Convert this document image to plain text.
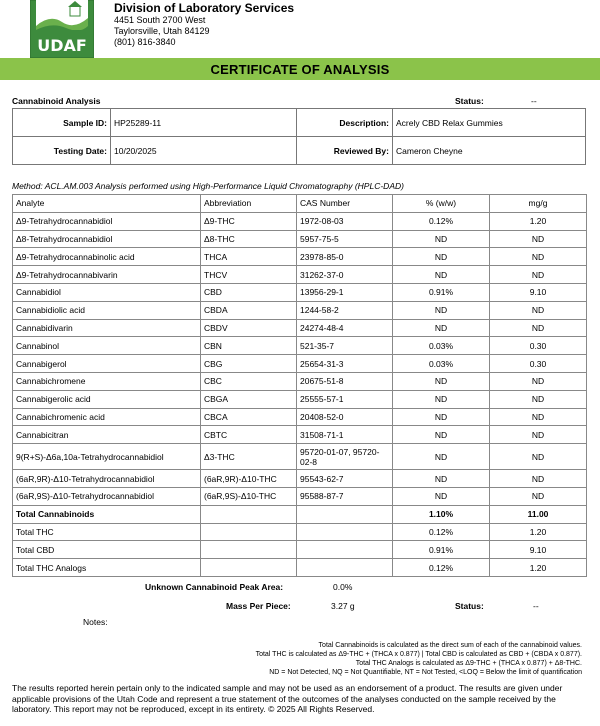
UDAF
Division of Laboratory Services
4451 South 2700 West
Taylorsville, Utah 84129
(801) 816-3840
CERTIFICATE OF ANALYSIS
Cannabinoid Analysis	Status:	--
Sample ID:	HP25289-11	Description:	Acrely CBD Relax Gummies
Testing Date:	10/20/2025	Reviewed By:	Cameron Cheyne
Method: ACL.AM.003 Analysis performed using High-Performance Liquid Chromatography (HPLC-DAD)
Analyte	Abbreviation	CAS Number	% (w/w)	mg/g
Δ9-Tetrahydrocannabidiol	Δ9-THC	1972-08-03	0.12%	1.20
Δ8-Tetrahydrocannabidiol	Δ8-THC	5957-75-5	ND	ND
Δ9-Tetrahydrocannabinolic acid	THCA	23978-85-0	ND	ND
Δ9-Tetrahydrocannabivarin	THCV	31262-37-0	ND	ND
Cannabidiol	CBD	13956-29-1	0.91%	9.10
Cannabidiolic acid	CBDA	1244-58-2	ND	ND
Cannabidivarin	CBDV	24274-48-4	ND	ND
Cannabinol	CBN	521-35-7	0.03%	0.30
Cannabigerol	CBG	25654-31-3	0.03%	0.30
Cannabichromene	CBC	20675-51-8	ND	ND
Cannabigerolic acid	CBGA	25555-57-1	ND	ND
Cannabichromenic acid	CBCA	20408-52-0	ND	ND
Cannabicitran	CBTC	31508-71-1	ND	ND
9(R+S)-Δ6a,10a-Tetrahydrocannabidiol	Δ3-THC	95720-01-07, 95720-02-8	ND	ND
(6aR,9R)-Δ10-Tetrahydrocannabidiol	(6aR,9R)-Δ10-THC	95543-62-7	ND	ND
(6aR,9S)-Δ10-Tetrahydrocannabidiol	(6aR,9S)-Δ10-THC	95588-87-7	ND	ND
Total Cannabinoids			1.10%	11.00
Total THC			0.12%	1.20
Total CBD			0.91%	9.10
Total THC Analogs			0.12%	1.20
Unknown Cannabinoid Peak Area:	0.0%
Mass Per Piece:	3.27 g	Status:	--
Notes:
Total Cannabinoids is calculated as the direct sum of each of the cannabinoid values.
Total THC is calculated as Δ9-THC + (THCA x 0.877) | Total CBD is calculated as CBD + (CBDA x 0.877).
Total THC Analogs is calculated as Δ9-THC + (THCA x 0.877) + Δ8-THC.
ND = Not Detected, NQ = Not Quantifiable, NT = Not Tested, <LOQ = Below the limit of quantification
The results reported herein pertain only to the indicated sample and may not be used as an endorsement of a product. The results are given under applicable provisions of the Utah Code and represent a true statement of the outcomes of the analyses conducted on the sample received by the laboratory. This report may not be reproduced, except in its entirety. © 2025 All Rights Reserved.
